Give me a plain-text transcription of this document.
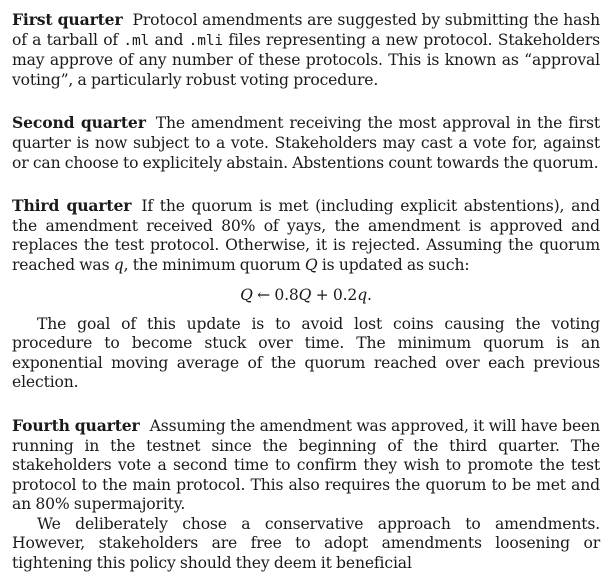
First quarter Protocol amendments are suggested by submitting the hash of a tarball of .ml and .mli files representing a new protocol. Stakeholders may approve of any number of these protocols. This is known as “approval voting”, a particularly robust voting procedure.

Second quarter The amendment receiving the most approval in the first quarter is now subject to a vote. Stakeholders may cast a vote for, against or can choose to explicitely abstain. Abstentions count towards the quorum.

Third quarter If the quorum is met (including explicit abstentions), and the amendment received 80% of yays, the amendment is approved and replaces the test protocol. Otherwise, it is rejected. Assuming the quorum reached was q, the minimum quorum Q is updated as such:

Q ← 0.8Q + 0.2q.

The goal of this update is to avoid lost coins causing the voting procedure to become stuck over time. The minimum quorum is an exponential moving average of the quorum reached over each previous election.

Fourth quarter Assuming the amendment was approved, it will have been running in the testnet since the beginning of the third quarter. The stakeholders vote a second time to confirm they wish to promote the test protocol to the main protocol. This also requires the quorum to be met and an 80% supermajority.

We deliberately chose a conservative approach to amendments. However, stakeholders are free to adopt amendments loosening or tightening this policy should they deem it beneficial
